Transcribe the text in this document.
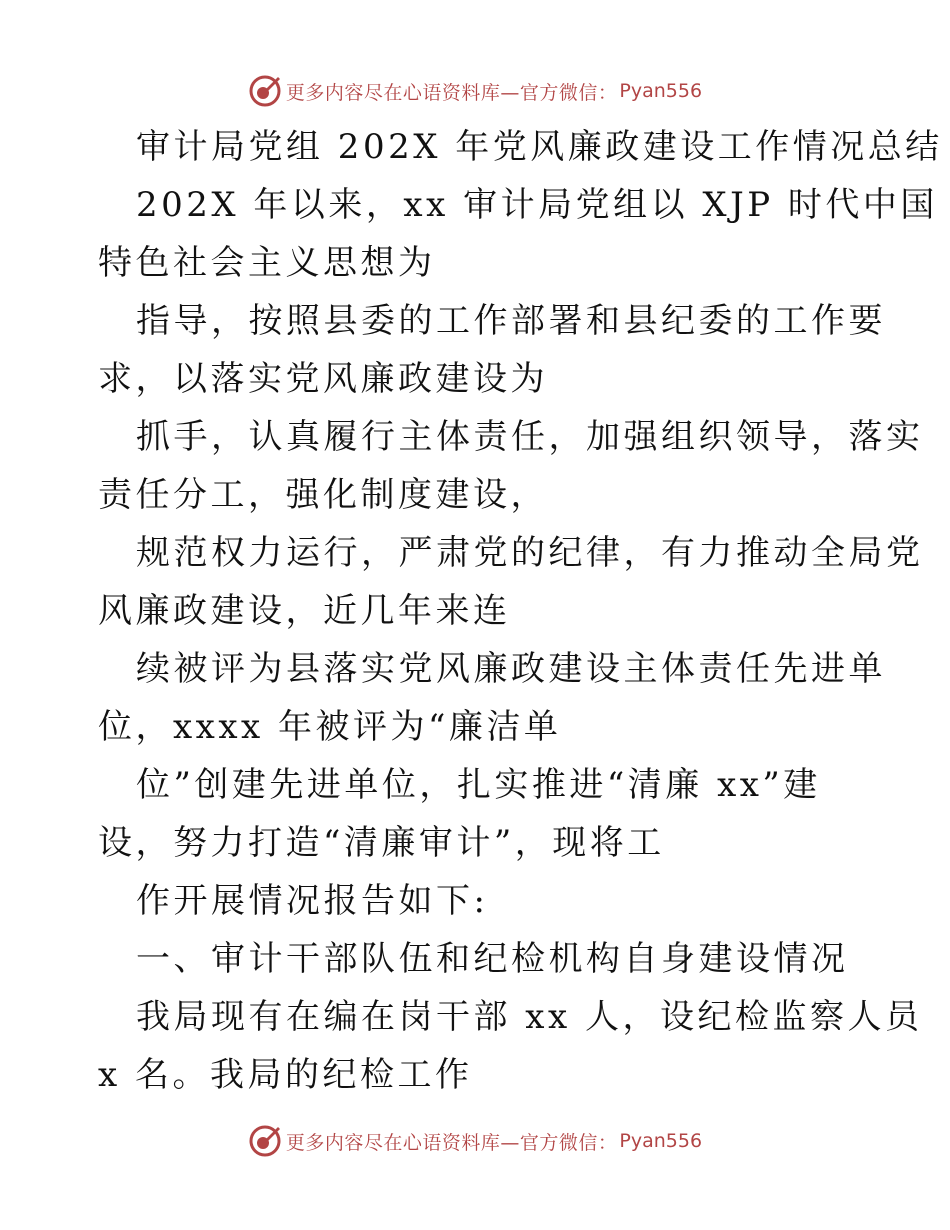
更多内容尽在心语资料库—官方微信： Pyan556
审计局党组 202X 年党风廉政建设工作情况总结
202X 年以来，xx 审计局党组以 XJP 时代中国
特色社会主义思想为
指导，按照县委的工作部署和县纪委的工作要
求，以落实党风廉政建设为
抓手，认真履行主体责任，加强组织领导，落实
责任分工，强化制度建设，
规范权力运行，严肃党的纪律，有力推动全局党
风廉政建设，近几年来连
续被评为县落实党风廉政建设主体责任先进单
位，xxxx 年被评为“廉洁单
位”创建先进单位，扎实推进“清廉 xx”建
设，努力打造“清廉审计”，现将工
作开展情况报告如下:
一、审计干部队伍和纪检机构自身建设情况
我局现有在编在岗干部 xx 人，设纪检监察人员
x 名。我局的纪检工作
更多内容尽在心语资料库—官方微信： Pyan556
